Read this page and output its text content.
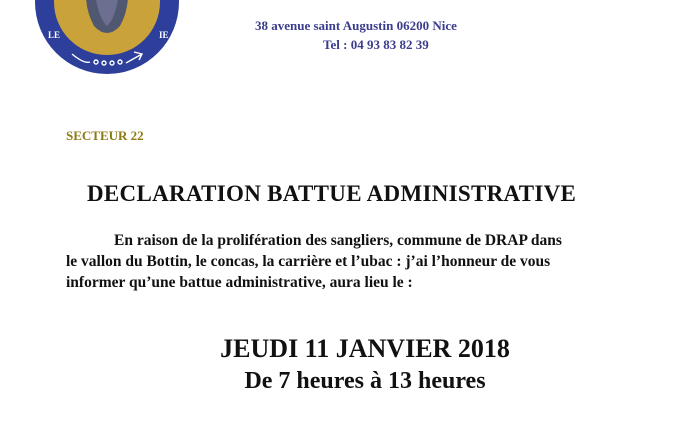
LE	IE
38 avenue saint Augustin 06200 Nice
Tel : 04 93 83 82 39
SECTEUR 22
DECLARATION BATTUE ADMINISTRATIVE

En raison de la prolifération des sangliers, commune de DRAP dans

le vallon du Bottin, le concas, la carrière et l’ubac : j’ai l’honneur de vous

informer qu’une battue administrative, aura lieu le :

JEUDI 11 JANVIER 2018
De 7 heures à 13 heures
